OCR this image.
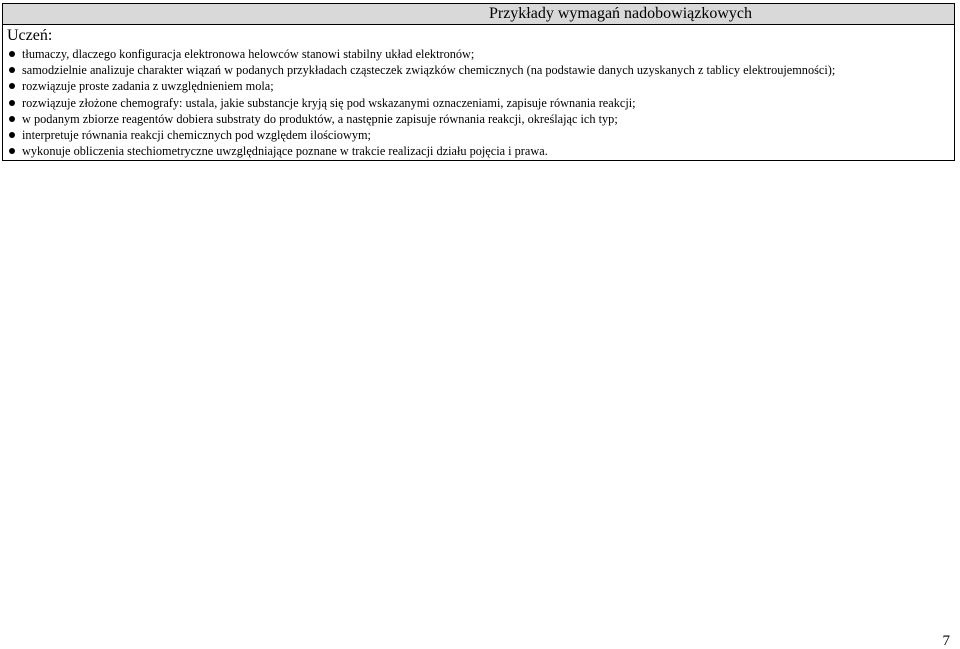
Przykłady wymagań nadobowiązkowych
Uczeń:
tłumaczy, dlaczego konfiguracja elektronowa helowców stanowi stabilny układ elektronów;
samodzielnie analizuje charakter wiązań w podanych przykładach cząsteczek związków chemicznych (na podstawie danych uzyskanych z tablicy elektroujemności);
rozwiązuje proste zadania z uwzględnieniem mola;
rozwiązuje złożone chemografy: ustala, jakie substancje kryją się pod wskazanymi oznaczeniami, zapisuje równania reakcji;
w podanym zbiorze reagentów dobiera substraty do produktów, a następnie zapisuje równania reakcji, określając ich typ;
interpretuje równania reakcji chemicznych pod względem ilościowym;
wykonuje obliczenia stechiometryczne uwzględniające poznane w trakcie realizacji działu pojęcia i prawa.
7
